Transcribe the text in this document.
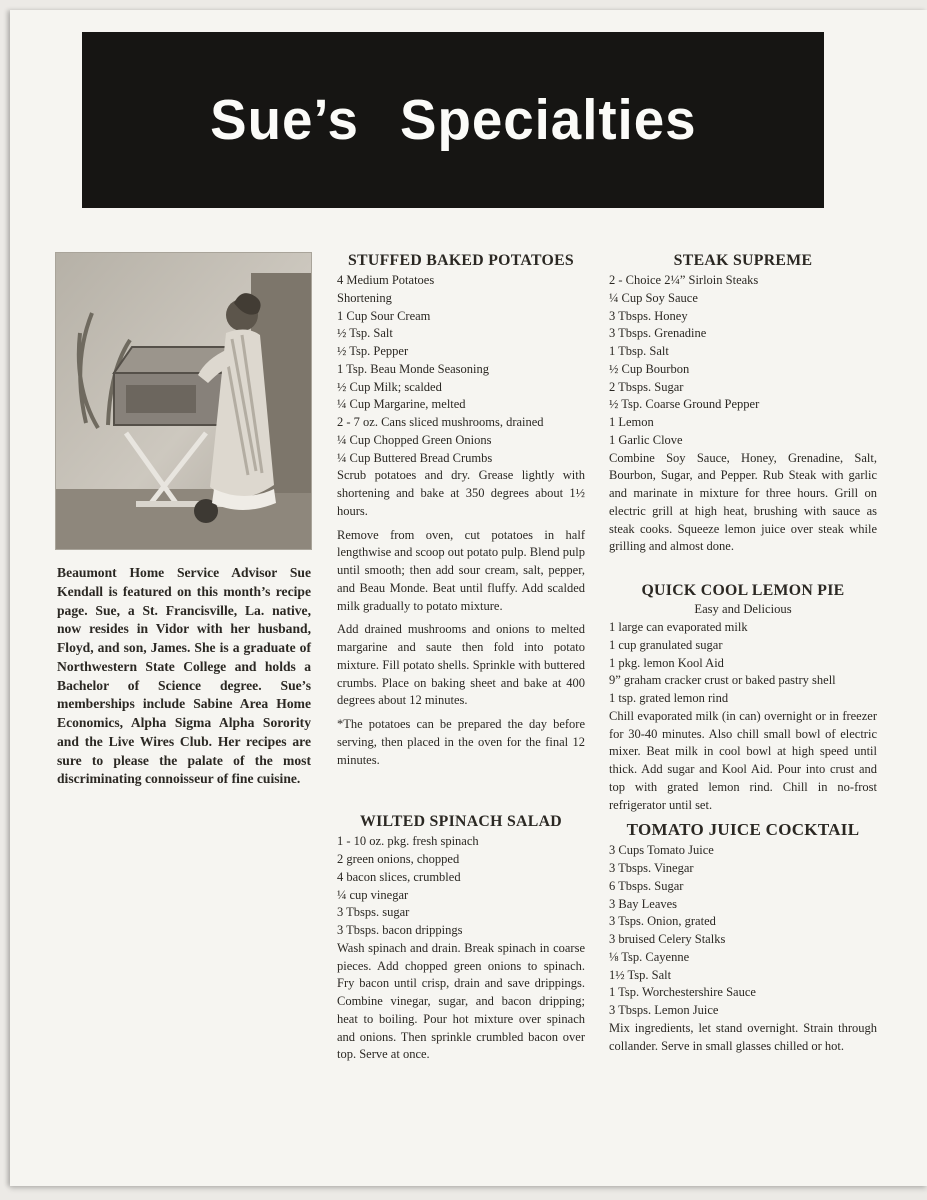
Sue’s Specialties

Beaumont Home Service Advisor Sue Kendall is featured on this month’s recipe page. Sue, a St. Francisville, La. native, now resides in Vidor with her husband, Floyd, and son, James. She is a graduate of Northwestern State College and holds a Bachelor of Science degree. Sue’s memberships include Sabine Area Home Economics, Alpha Sigma Alpha Sorority and the Live Wires Club. Her recipes are sure to please the palate of the most discriminating connoisseur of fine cuisine.

STUFFED BAKED POTATOES

4 Medium Potatoes

Shortening

1 Cup Sour Cream

½ Tsp. Salt

½ Tsp. Pepper

1 Tsp. Beau Monde Seasoning

½ Cup Milk; scalded

¼ Cup Margarine, melted

2 - 7 oz. Cans sliced mushrooms, drained

¼ Cup Chopped Green Onions

¼ Cup Buttered Bread Crumbs

Scrub potatoes and dry. Grease lightly with shortening and bake at 350 degrees about 1½ hours.

Remove from oven, cut potatoes in half lengthwise and scoop out potato pulp. Blend pulp until smooth; then add sour cream, salt, pepper, and Beau Monde. Beat until fluffy. Add scalded milk gradually to potato mixture.

Add drained mushrooms and onions to melted margarine and saute then fold into potato mixture. Fill potato shells. Sprinkle with buttered crumbs. Place on baking sheet and bake at 400 degrees about 12 minutes.

*The potatoes can be prepared the day before serving, then placed in the oven for the final 12 minutes.

WILTED SPINACH SALAD

1 - 10 oz. pkg. fresh spinach

2 green onions, chopped

4 bacon slices, crumbled

¼ cup vinegar

3 Tbsps. sugar

3 Tbsps. bacon drippings

Wash spinach and drain. Break spinach in coarse pieces. Add chopped green onions to spinach. Fry bacon until crisp, drain and save drippings. Combine vinegar, sugar, and bacon dripping; heat to boiling. Pour hot mixture over spinach and onions. Then sprinkle crumbled bacon over top. Serve at once.

STEAK SUPREME

2 - Choice 2¼” Sirloin Steaks

¼ Cup Soy Sauce

3 Tbsps. Honey

3 Tbsps. Grenadine

1 Tbsp. Salt

½ Cup Bourbon

2 Tbsps. Sugar

½ Tsp. Coarse Ground Pepper

1 Lemon

1 Garlic Clove

Combine Soy Sauce, Honey, Grenadine, Salt, Bourbon, Sugar, and Pepper. Rub Steak with garlic and marinate in mixture for three hours. Grill on electric grill at high heat, brushing with sauce as steak cooks. Squeeze lemon juice over steak while grilling and almost done.

QUICK COOL LEMON PIE

Easy and Delicious

1 large can evaporated milk

1 cup granulated sugar

1 pkg. lemon Kool Aid

9” graham cracker crust or baked pastry shell

1 tsp. grated lemon rind

Chill evaporated milk (in can) overnight or in freezer for 30-40 minutes. Also chill small bowl of electric mixer. Beat milk in cool bowl at high speed until thick. Add sugar and Kool Aid. Pour into crust and top with grated lemon rind. Chill in no-frost refrigerator until set.

TOMATO JUICE COCKTAIL

3 Cups Tomato Juice

3 Tbsps. Vinegar

6 Tbsps. Sugar

3 Bay Leaves

3 Tsps. Onion, grated

3 bruised Celery Stalks

⅛ Tsp. Cayenne

1½ Tsp. Salt

1 Tsp. Worchestershire Sauce

3 Tbsps. Lemon Juice

Mix ingredients, let stand overnight. Strain through collander. Serve in small glasses chilled or hot.
